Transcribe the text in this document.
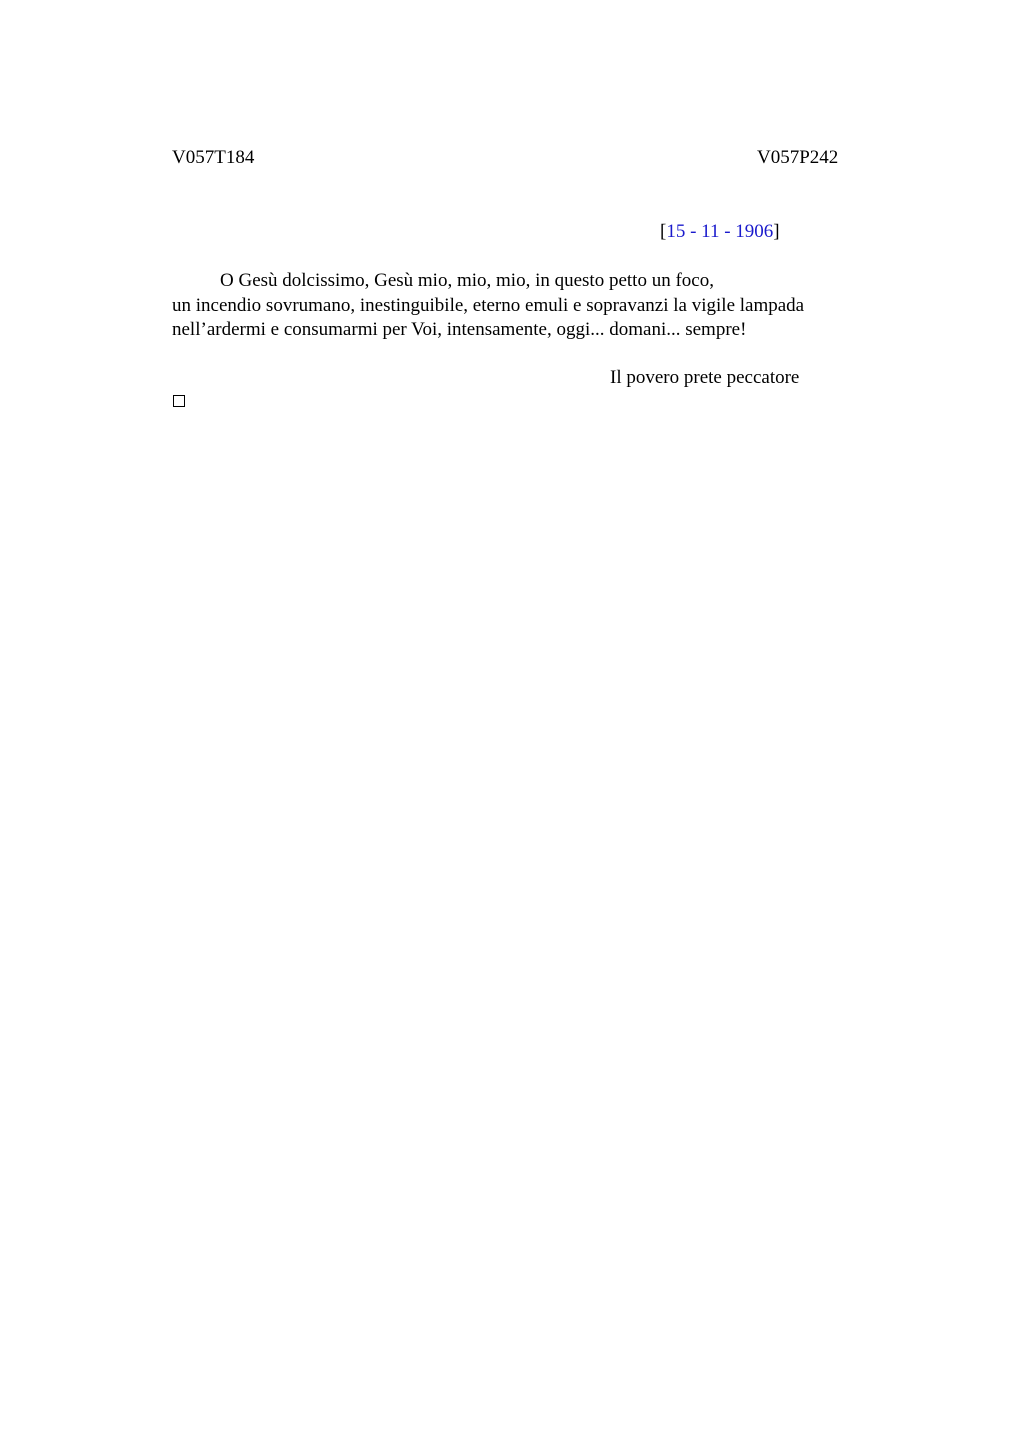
V057T184	V057P242
[15 - 11 - 1906]
O Gesù dolcissimo, Gesù mio, mio, mio, in questo petto un foco,
un incendio sovrumano, inestinguibile, eterno emuli e sopravanzi la vigile lampada
nell’ardermi e consumarmi per Voi, intensamente, oggi... domani... sempre!
Il povero prete peccatore
